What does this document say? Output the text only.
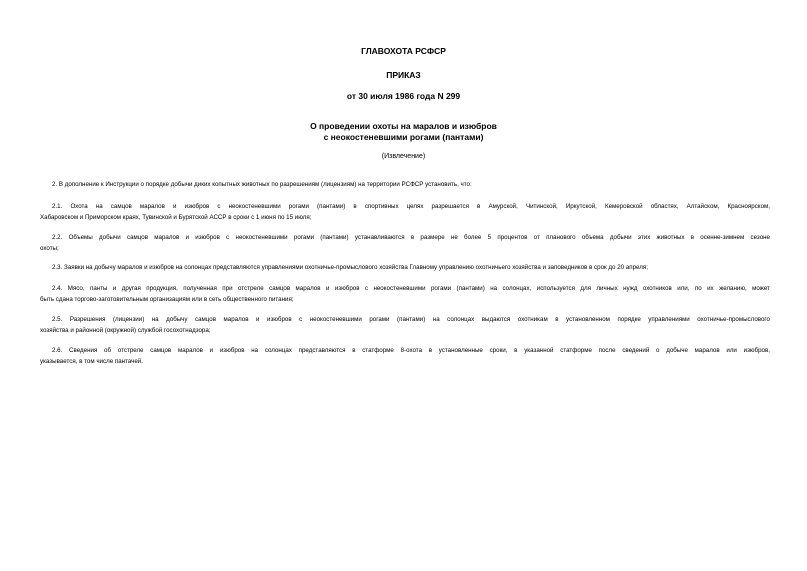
ГЛАВОХОТА РСФСР
ПРИКАЗ
от 30 июля 1986 года N 299
О проведении охоты на маралов и изюбров
с неокостеневшими рогами (пантами)
(Извлечение)
2. В дополнение к Инструкции о порядке добычи диких копытных животных по разрешениям (лицензиям) на территории РСФСР установить, что:
2.1. Охота на самцов маралов и изюбров с неокостеневшими рогами (пантами) в спортивных целях разрешается в Амурской, Читинской, Иркутской, Кемеровской областях, Алтайском, Красноярском,
Хабаровском и Приморском краях, Тувинской и Бурятской АССР в сроки с 1 июня по 15 июля;
2.2. Объемы добычи самцов маралов и изюбров с неокостеневшими рогами (пантами) устанавливаются в размере не более 5 процентов от планового объема добычи этих животных в осенне-зимнем сезоне
охоты;
2.3. Заявки на добычу маралов и изюбров на солонцах представляются управлениями охотничье-промыслового хозяйства Главному управлению охотничьего хозяйства и заповедников в срок до 20 апреля;
2.4. Мясо, панты и другая продукция, полученная при отстреле самцов маралов и изюбров с неокостеневшими рогами (пантами) на солонцах, используется для личных нужд охотников или, по их желанию, может
быть сдана торгово-заготовительным организациям или в сеть общественного питания;
2.5. Разрешения (лицензии) на добычу самцов маралов и изюбров с неокостеневшими рогами (пантами) на солонцах выдаются охотникам в установленном порядке управлениями охотничье-промыслового
хозяйства и районной (окружной) службой госохотнадзора;
2.6. Сведения об отстреле самцов маралов и изюбров на солонцах представляются в статформе 8-охота в установленные сроки, в указанной статформе после сведений о добыче маралов или изюбров,
указывается, в том числе пантачей.
